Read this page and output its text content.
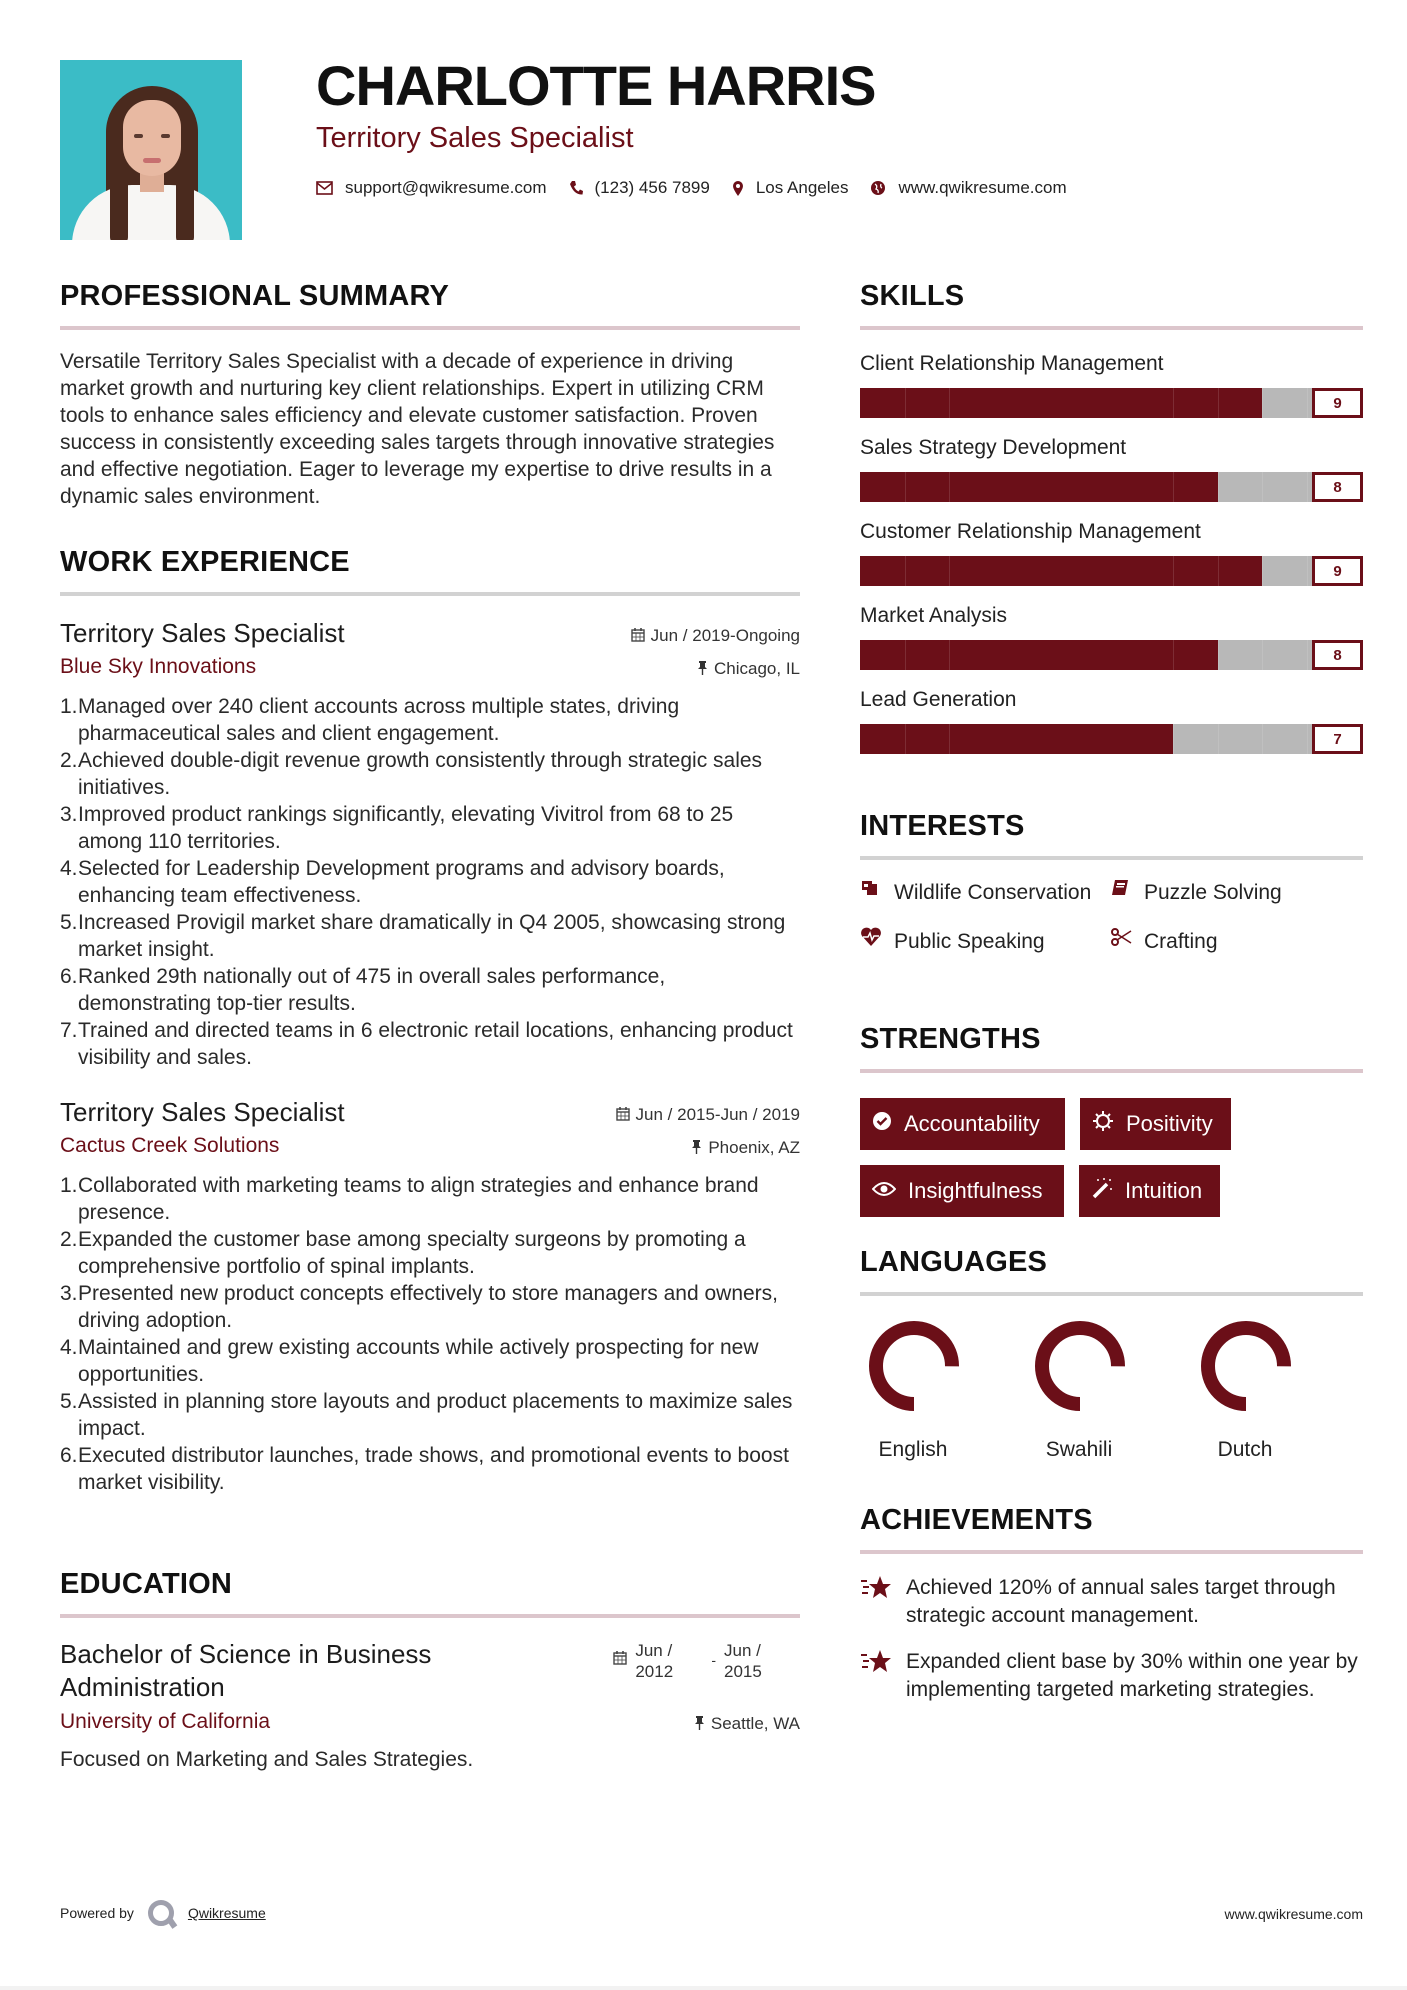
CHARLOTTE HARRIS
Territory Sales Specialist
support@qwikresume.com	(123) 456 7899	Los Angeles	www.qwikresume.com
PROFESSIONAL SUMMARY

Versatile Territory Sales Specialist with a decade of experience in driving market growth and nurturing key client relationships. Expert in utilizing CRM tools to enhance sales efficiency and elevate customer satisfaction. Proven success in consistently exceeding sales targets through innovative strategies and effective negotiation. Eager to leverage my expertise to drive results in a dynamic sales environment.

WORK EXPERIENCE
Territory Sales Specialist	Jun / 2019-Ongoing
Blue Sky Innovations	Chicago, IL
1. Managed over 240 client accounts across multiple states, driving pharmaceutical sales and client engagement.
2. Achieved double-digit revenue growth consistently through strategic sales initiatives.
3. Improved product rankings significantly, elevating Vivitrol from 68 to 25 among 110 territories.
4. Selected for Leadership Development programs and advisory boards, enhancing team effectiveness.
5. Increased Provigil market share dramatically in Q4 2005, showcasing strong market insight.
6. Ranked 29th nationally out of 475 in overall sales performance, demonstrating top-tier results.
7. Trained and directed teams in 6 electronic retail locations, enhancing product visibility and sales.
Territory Sales Specialist	Jun / 2015-Jun / 2019
Cactus Creek Solutions	Phoenix, AZ
1. Collaborated with marketing teams to align strategies and enhance brand presence.
2. Expanded the customer base among specialty surgeons by promoting a comprehensive portfolio of spinal implants.
3. Presented new product concepts effectively to store managers and owners, driving adoption.
4. Maintained and grew existing accounts while actively prospecting for new opportunities.
5. Assisted in planning store layouts and product placements to maximize sales impact.
6. Executed distributor launches, trade shows, and promotional events to boost market visibility.
EDUCATION
Bachelor of Science in Business Administration
Jun / 2012
- Jun / 2015
University of California	Seattle, WA

Focused on Marketing and Sales Strategies.

SKILLS
Client Relationship Management
9
Sales Strategy Development
8
Customer Relationship Management
9
Market Analysis
8
Lead Generation
7
INTERESTS
Wildlife Conservation	Puzzle Solving
Public Speaking	Crafting
STRENGTHS
Accountability	Positivity
Insightfulness	Intuition
LANGUAGES
English	Swahili	Dutch
ACHIEVEMENTS
Achieved 120% of annual sales target through strategic account management.
Expanded client base by 30% within one year by implementing targeted marketing strategies.
Powered by	Qwikresume	www.qwikresume.com
